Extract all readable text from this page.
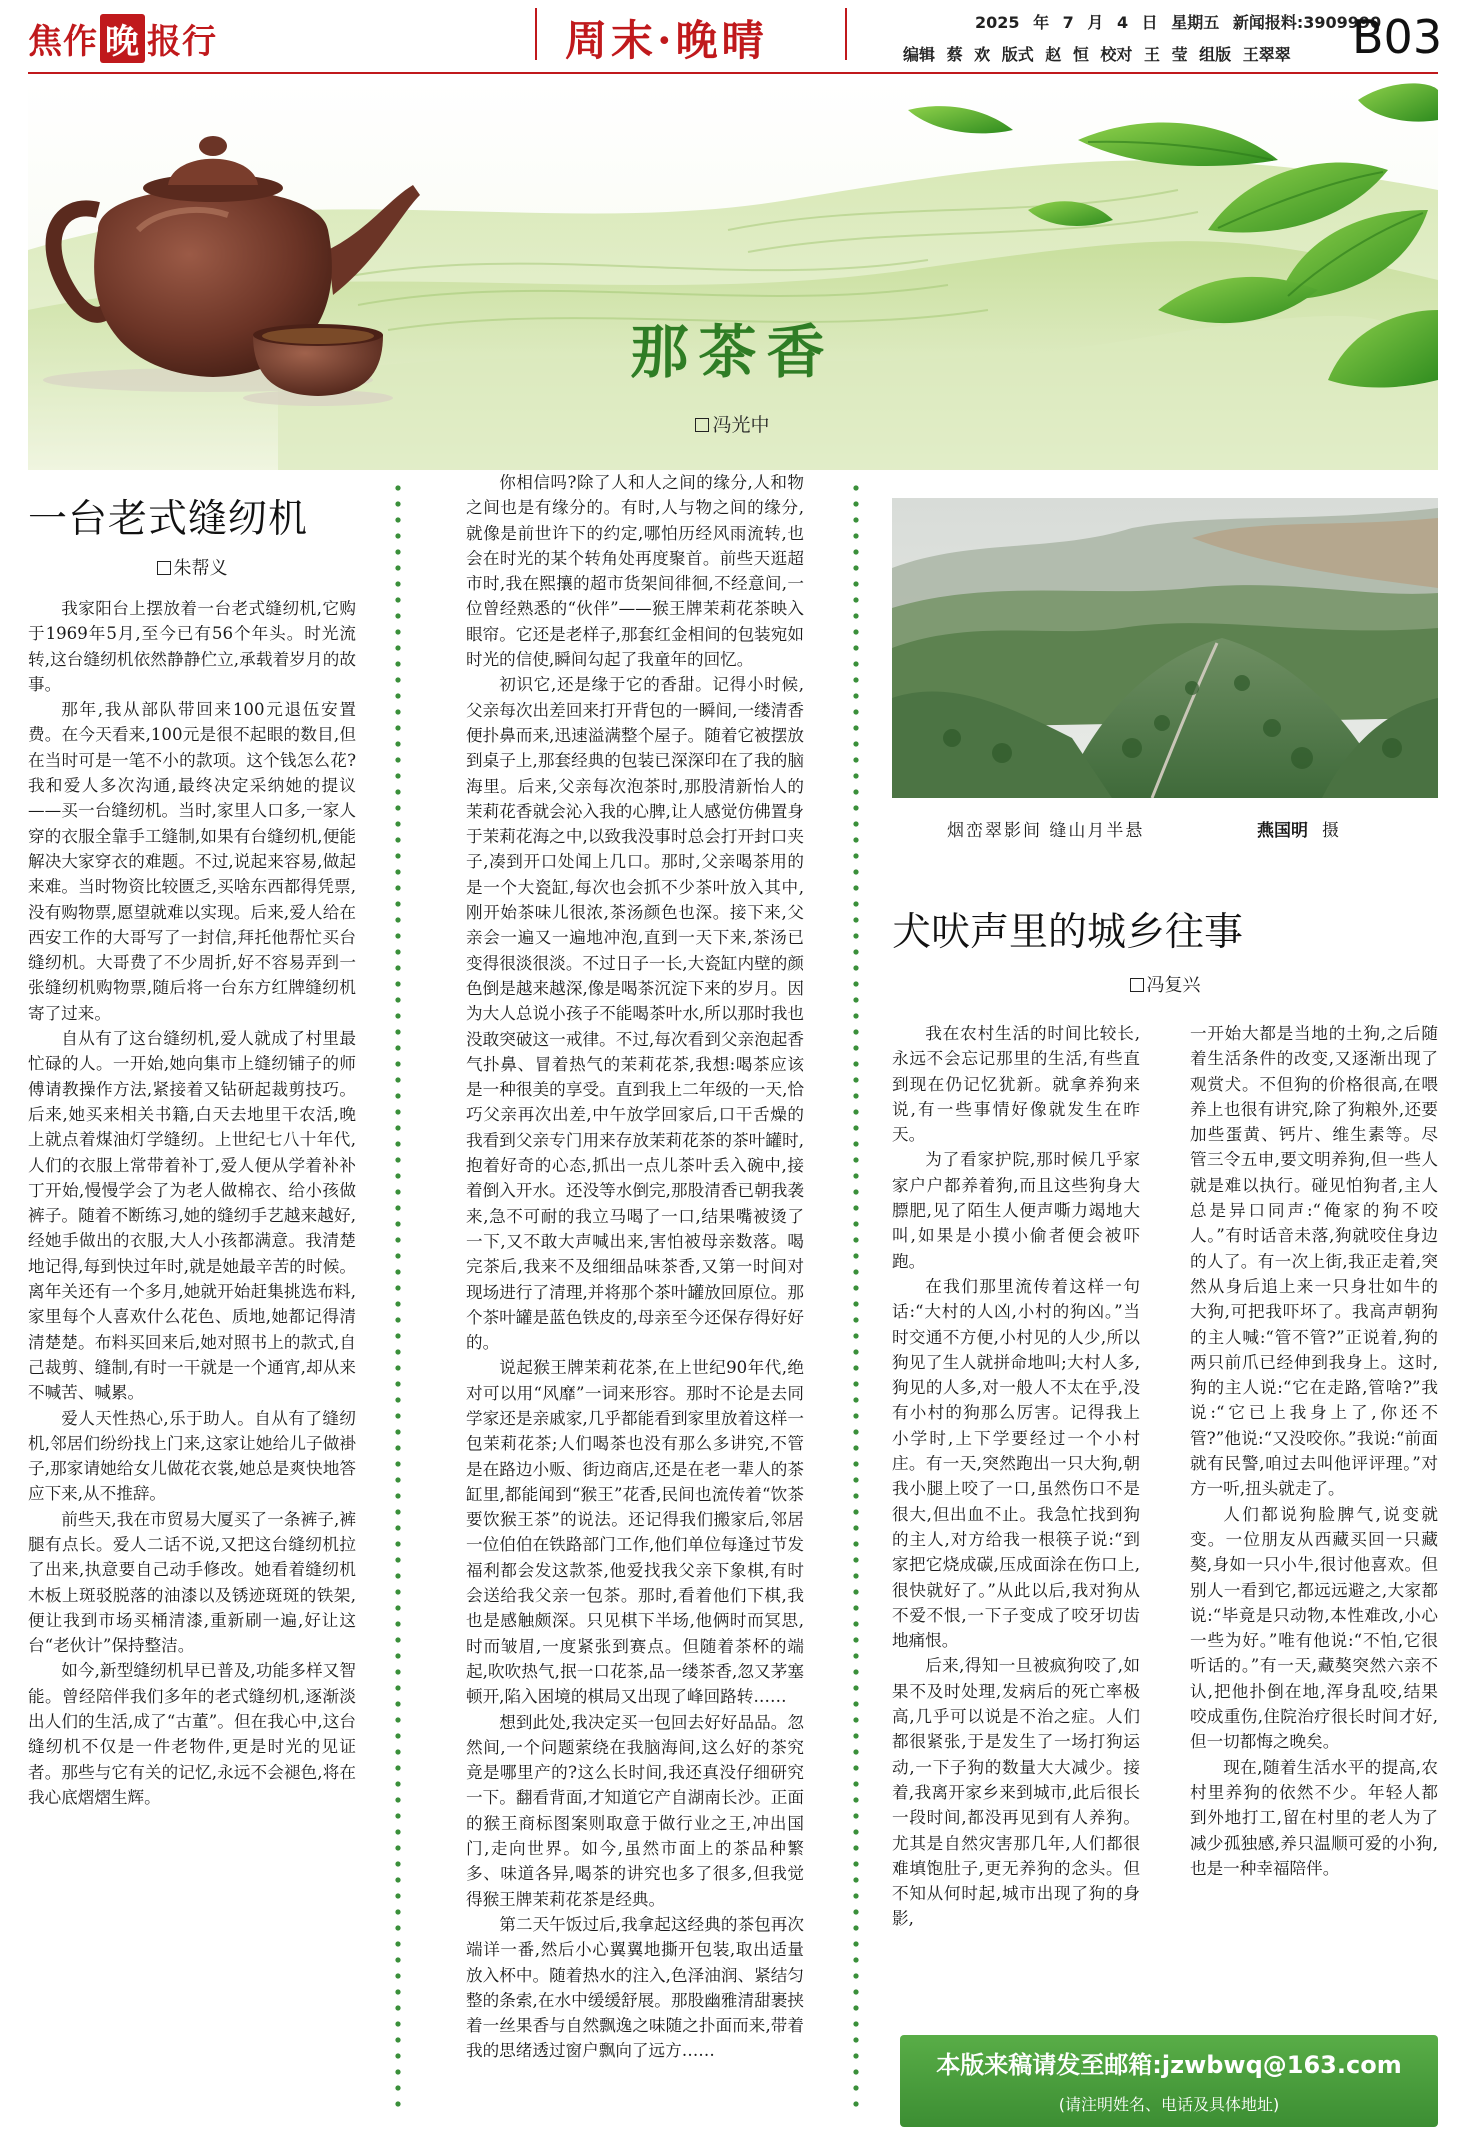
焦作 晚 报行	周末·晚晴	2025 年 7 月 4 日 星期五 新闻报料:3909990
编辑 蔡 欢 版式 赵 恒 校对 王 莹 组版 王翠翠 B03
那茶香
冯光中
一台老式缝纫机
朱帮义

我家阳台上摆放着一台老式缝纫机,它购于1969年5月,至今已有56个年头。时光流转,这台缝纫机依然静静伫立,承载着岁月的故事。

那年,我从部队带回来100元退伍安置费。在今天看来,100元是很不起眼的数目,但在当时可是一笔不小的款项。这个钱怎么花?我和爱人多次沟通,最终决定采纳她的提议——买一台缝纫机。当时,家里人口多,一家人穿的衣服全靠手工缝制,如果有台缝纫机,便能解决大家穿衣的难题。不过,说起来容易,做起来难。当时物资比较匮乏,买啥东西都得凭票,没有购物票,愿望就难以实现。后来,爱人给在西安工作的大哥写了一封信,拜托他帮忙买台缝纫机。大哥费了不少周折,好不容易弄到一张缝纫机购物票,随后将一台东方红牌缝纫机寄了过来。

自从有了这台缝纫机,爱人就成了村里最忙碌的人。一开始,她向集市上缝纫铺子的师傅请教操作方法,紧接着又钻研起裁剪技巧。后来,她买来相关书籍,白天去地里干农活,晚上就点着煤油灯学缝纫。上世纪七八十年代,人们的衣服上常带着补丁,爱人便从学着补补丁开始,慢慢学会了为老人做棉衣、给小孩做裤子。随着不断练习,她的缝纫手艺越来越好,经她手做出的衣服,大人小孩都满意。我清楚地记得,每到快过年时,就是她最辛苦的时候。离年关还有一个多月,她就开始赶集挑选布料,家里每个人喜欢什么花色、质地,她都记得清清楚楚。布料买回来后,她对照书上的款式,自己裁剪、缝制,有时一干就是一个通宵,却从来不喊苦、喊累。

爱人天性热心,乐于助人。自从有了缝纫机,邻居们纷纷找上门来,这家让她给儿子做褂子,那家请她给女儿做花衣裳,她总是爽快地答应下来,从不推辞。

前些天,我在市贸易大厦买了一条裤子,裤腿有点长。爱人二话不说,又把这台缝纫机拉了出来,执意要自己动手修改。她看着缝纫机木板上斑驳脱落的油漆以及锈迹斑斑的铁架,便让我到市场买桶清漆,重新刷一遍,好让这台“老伙计”保持整洁。

如今,新型缝纫机早已普及,功能多样又智能。曾经陪伴我们多年的老式缝纫机,逐渐淡出人们的生活,成了“古董”。但在我心中,这台缝纫机不仅是一件老物件,更是时光的见证者。那些与它有关的记忆,永远不会褪色,将在我心底熠熠生辉。

你相信吗?除了人和人之间的缘分,人和物之间也是有缘分的。有时,人与物之间的缘分,就像是前世许下的约定,哪怕历经风雨流转,也会在时光的某个转角处再度聚首。前些天逛超市时,我在熙攘的超市货架间徘徊,不经意间,一位曾经熟悉的“伙伴”——猴王牌茉莉花茶映入眼帘。它还是老样子,那套红金相间的包装宛如时光的信使,瞬间勾起了我童年的回忆。

初识它,还是缘于它的香甜。记得小时候,父亲每次出差回来打开背包的一瞬间,一缕清香便扑鼻而来,迅速溢满整个屋子。随着它被摆放到桌子上,那套经典的包装已深深印在了我的脑海里。后来,父亲每次泡茶时,那股清新怡人的茉莉花香就会沁入我的心脾,让人感觉仿佛置身于茉莉花海之中,以致我没事时总会打开封口夹子,凑到开口处闻上几口。那时,父亲喝茶用的是一个大瓷缸,每次也会抓不少茶叶放入其中,刚开始茶味儿很浓,茶汤颜色也深。接下来,父亲会一遍又一遍地冲泡,直到一天下来,茶汤已变得很淡很淡。不过日子一长,大瓷缸内壁的颜色倒是越来越深,像是喝茶沉淀下来的岁月。因为大人总说小孩子不能喝茶叶水,所以那时我也没敢突破这一戒律。不过,每次看到父亲泡起香气扑鼻、冒着热气的茉莉花茶,我想:喝茶应该是一种很美的享受。直到我上二年级的一天,恰巧父亲再次出差,中午放学回家后,口干舌燥的我看到父亲专门用来存放茉莉花茶的茶叶罐时,抱着好奇的心态,抓出一点儿茶叶丢入碗中,接着倒入开水。还没等水倒完,那股清香已朝我袭来,急不可耐的我立马喝了一口,结果嘴被烫了一下,又不敢大声喊出来,害怕被母亲数落。喝完茶后,我来不及细细品味茶香,又第一时间对现场进行了清理,并将那个茶叶罐放回原位。那个茶叶罐是蓝色铁皮的,母亲至今还保存得好好的。

说起猴王牌茉莉花茶,在上世纪90年代,绝对可以用“风靡”一词来形容。那时不论是去同学家还是亲戚家,几乎都能看到家里放着这样一包茉莉花茶;人们喝茶也没有那么多讲究,不管是在路边小贩、街边商店,还是在老一辈人的茶缸里,都能闻到“猴王”花香,民间也流传着“饮茶要饮猴王茶”的说法。还记得我们搬家后,邻居一位伯伯在铁路部门工作,他们单位每逢过节发福利都会发这款茶,他爱找我父亲下象棋,有时会送给我父亲一包茶。那时,看着他们下棋,我也是感触颇深。只见棋下半场,他俩时而冥思,时而皱眉,一度紧张到赛点。但随着茶杯的端起,吹吹热气,抿一口花茶,品一缕茶香,忽又茅塞顿开,陷入困境的棋局又出现了峰回路转……

想到此处,我决定买一包回去好好品品。忽然间,一个问题萦绕在我脑海间,这么好的茶究竟是哪里产的?这么长时间,我还真没仔细研究一下。翻看背面,才知道它产自湖南长沙。正面的猴王商标图案则取意于做行业之王,冲出国门,走向世界。如今,虽然市面上的茶品种繁多、味道各异,喝茶的讲究也多了很多,但我觉得猴王牌茉莉花茶是经典。

第二天午饭过后,我拿起这经典的茶包再次端详一番,然后小心翼翼地撕开包装,取出适量放入杯中。随着热水的注入,色泽油润、紧结匀整的条索,在水中缓缓舒展。那股幽雅清甜裹挟着一丝果香与自然飘逸之味随之扑面而来,带着我的思绪透过窗户飘向了远方……

烟峦翠影间 缝山月半悬	燕国明 摄
犬吠声里的城乡往事
冯复兴

我在农村生活的时间比较长,永远不会忘记那里的生活,有些直到现在仍记忆犹新。就拿养狗来说,有一些事情好像就发生在昨天。

为了看家护院,那时候几乎家家户户都养着狗,而且这些狗身大膘肥,见了陌生人便声嘶力竭地大叫,如果是小摸小偷者便会被吓跑。

在我们那里流传着这样一句话:“大村的人凶,小村的狗凶。”当时交通不方便,小村见的人少,所以狗见了生人就拼命地叫;大村人多,狗见的人多,对一般人不太在乎,没有小村的狗那么厉害。记得我上小学时,上下学要经过一个小村庄。有一天,突然跑出一只大狗,朝我小腿上咬了一口,虽然伤口不是很大,但出血不止。我急忙找到狗的主人,对方给我一根筷子说:“到家把它烧成碳,压成面涂在伤口上,很快就好了。”从此以后,我对狗从不爱不恨,一下子变成了咬牙切齿地痛恨。

后来,得知一旦被疯狗咬了,如果不及时处理,发病后的死亡率极高,几乎可以说是不治之症。人们都很紧张,于是发生了一场打狗运动,一下子狗的数量大大减少。接着,我离开家乡来到城市,此后很长一段时间,都没再见到有人养狗。尤其是自然灾害那几年,人们都很难填饱肚子,更无养狗的念头。但不知从何时起,城市出现了狗的身影,

一开始大都是当地的土狗,之后随着生活条件的改变,又逐渐出现了观赏犬。不但狗的价格很高,在喂养上也很有讲究,除了狗粮外,还要加些蛋黄、钙片、维生素等。尽管三令五申,要文明养狗,但一些人就是难以执行。碰见怕狗者,主人总是异口同声:“俺家的狗不咬人。”有时话音未落,狗就咬住身边的人了。有一次上街,我正走着,突然从身后追上来一只身壮如牛的大狗,可把我吓坏了。我高声朝狗的主人喊:“管不管?”正说着,狗的两只前爪已经伸到我身上。这时,狗的主人说:“它在走路,管啥?”我说:“它已上我身上了,你还不管?”他说:“又没咬你。”我说:“前面就有民警,咱过去叫他评评理。”对方一听,扭头就走了。

人们都说狗脸脾气,说变就变。一位朋友从西藏买回一只藏獒,身如一只小牛,很讨他喜欢。但别人一看到它,都远远避之,大家都说:“毕竟是只动物,本性难改,小心一些为好。”唯有他说:“不怕,它很听话的。”有一天,藏獒突然六亲不认,把他扑倒在地,浑身乱咬,结果咬成重伤,住院治疗很长时间才好,但一切都悔之晚矣。

现在,随着生活水平的提高,农村里养狗的依然不少。年轻人都到外地打工,留在村里的老人为了减少孤独感,养只温顺可爱的小狗,也是一种幸福陪伴。

本版来稿请发至邮箱:jzwbwq@163.com
(请注明姓名、电话及具体地址)
